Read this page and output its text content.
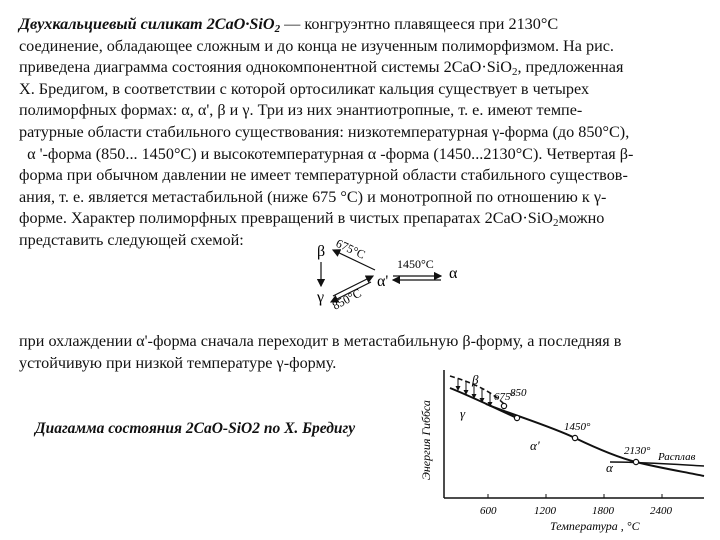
Двухкальциевый силикат 2CaO·SiO$_2$ — конгруэнтно плавящееся при 2130°С
соединение, обладающее сложным и до конца не изученным полиморфизмом. На рис.
приведена диаграмма состояния однокомпонентной системы 2CaO·SiO$_2$, предложенная
Х. Бредигом, в соответствии с которой ортосиликат кальция существует в четырех
полиморфных формах: α, α', β и γ. Три из них энантиотропные, т. е. имеют темпе-
ратурные области стабильного существования: низкотемпературная γ-форма (до 850°С),
α '-форма (850... 1450°С) и высокотемпературная α -форма (1450...2130°С). Четвертая β-
форма при обычном давлении не имеет температурной области стабильного существов-
ания, т. е. является метастабильной (ниже 675 °С) и монотропной по отношению к γ-
форме. Характер полиморфных превращений в чистых препаратах 2CaO·SiO$_2$можно
представить следующей схемой:
β
γ
α'	α
675°C
850°C
1450°C
при охлаждении α'-форма сначала переходит в метастабильную β-форму, а последняя в
устойчивую при низкой температуре γ-форму.
Диагамма состояния 2CaO-SiO2 по Х. Бредигу
600	1200	1800	2400
Температура , °С
Энергия Гиббса
675°
850
1450°
2130°
β
γ
α'
α
Расплав
